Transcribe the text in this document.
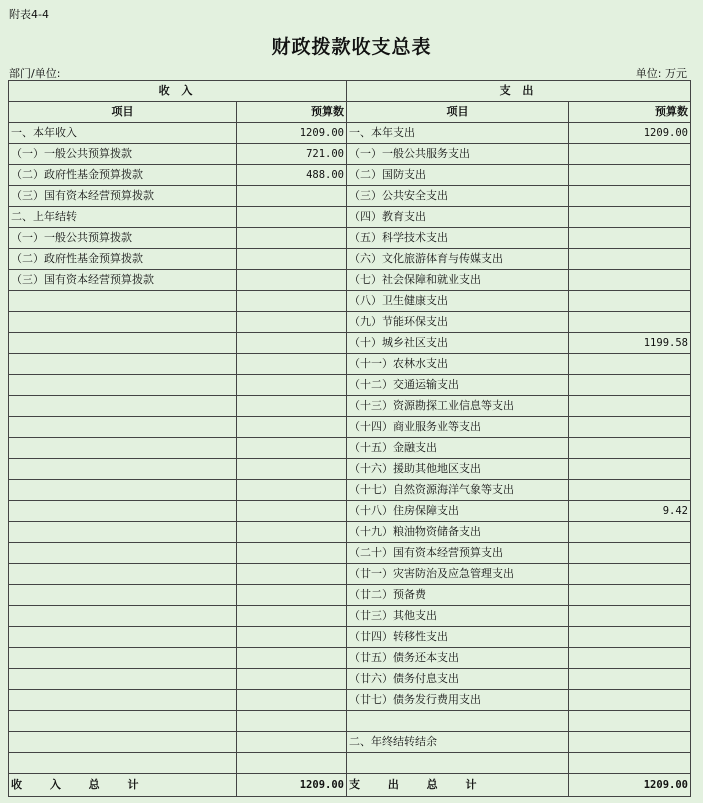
附表4-4
财政拨款收支总表
部门/单位:	单位: 万元
收 入		支 出	
项目	预算数	项目	预算数
一、本年收入	1209.00	一、本年支出	1209.00
（一）一般公共预算拨款	721.00	（一）一般公共服务支出	
（二）政府性基金预算拨款	488.00	（二）国防支出	
（三）国有资本经营预算拨款		（三）公共安全支出	
二、上年结转		（四）教育支出	
（一）一般公共预算拨款		（五）科学技术支出	
（二）政府性基金预算拨款		（六）文化旅游体育与传媒支出	
（三）国有资本经营预算拨款		（七）社会保障和就业支出	
		（八）卫生健康支出	
		（九）节能环保支出	
		（十）城乡社区支出	1199.58
		（十一）农林水支出	
		（十二）交通运输支出	
		（十三）资源勘探工业信息等支出	
		（十四）商业服务业等支出	
		（十五）金融支出	
		（十六）援助其他地区支出	
		（十七）自然资源海洋气象等支出	
		（十八）住房保障支出	9.42
		（十九）粮油物资储备支出	
		（二十）国有资本经营预算支出	
		（廿一）灾害防治及应急管理支出	
		（廿二）预备费	
		（廿三）其他支出	
		（廿四）转移性支出	
		（廿五）债务还本支出	
		（廿六）债务付息支出	
		（廿七）债务发行费用支出	

		二、年终结转结余	

收 入 总 计	1209.00	支 出 总 计	1209.00
